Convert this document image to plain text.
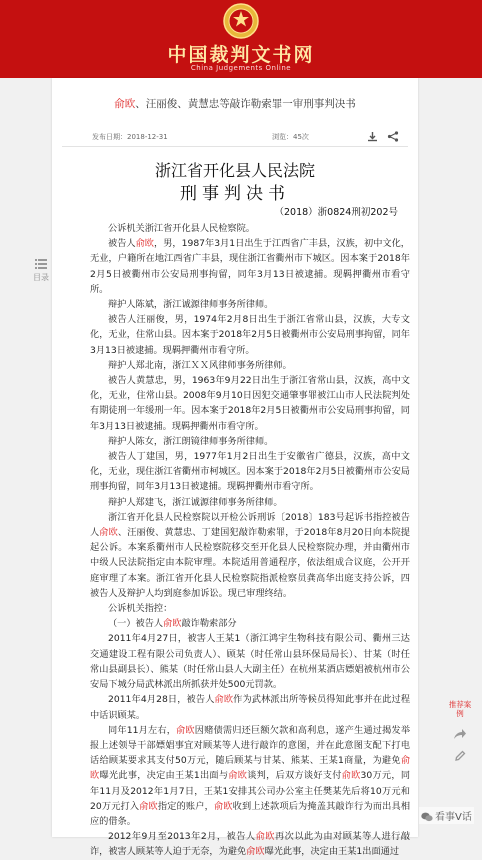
中国裁判文书网
China Judgements Online
目录
俞欧、汪丽俊、黄慧忠等敲诈勒索罪一审刑事判决书
发布日期：2018-12-31	浏览：45次
浙江省开化县人民法院
刑事判决书
（2018）浙0824刑初202号

公诉机关浙江省开化县人民检察院。

被告人俞欧，男，1987年3月1日出生于江西省广丰县，汉族，初中文化，无业，户籍所在地江西省广丰县，现住浙江省衢州市下城区。因本案于2018年2月5日被衢州市公安局刑事拘留，同年3月13日被逮捕。现羁押衢州市看守所。

辩护人陈斌，浙江诚源律师事务所律师。

被告人汪丽俊，男，1974年2月8日出生于浙江省常山县，汉族，大专文化，无业，住常山县。因本案于2018年2月5日被衢州市公安局刑事拘留，同年3月13日被逮捕。现羁押衢州市看守所。

辩护人郑北南，浙江ＸＸ风律师事务所律师。

被告人黄慧忠，男，1963年9月22日出生于浙江省常山县，汉族，高中文化，无业，住常山县。2008年9月10日因犯交通肇事罪被江山市人民法院判处有期徒刑一年缓刑一年。因本案于2018年2月5日被衢州市公安局刑事拘留，同年3月13日被逮捕。现羁押衢州市看守所。

辩护人陈女，浙江朗镜律师事务所律师。

被告人丁建国，男，1977年1月2日出生于安徽省广德县，汉族，高中文化，无业，现住浙江省衢州市柯城区。因本案于2018年2月5日被衢州市公安局刑事拘留，同年3月13日被逮捕。现羁押衢州市看守所。

辩护人郑建飞，浙江诚源律师事务所律师。

浙江省开化县人民检察院以开检公诉刑诉〔2018〕183号起诉书指控被告人俞欧、汪丽俊、黄慧忠、丁建国犯敲诈勒索罪，于2018年8月20日向本院提起公诉。本案系衢州市人民检察院移交至开化县人民检察院办理，并由衢州市中级人民法院指定由本院审理。本院适用普通程序，依法组成合议庭，公开开庭审理了本案。浙江省开化县人民检察院指派检察员龚高华出庭支持公诉，四被告人及辩护人均到庭参加诉讼。现已审理终结。

公诉机关指控：

（一）被告人俞欧敲诈勒索部分

2011年4月27日，被害人王某1（浙江鸿宇生物科技有限公司、衢州三达交通建设工程有限公司负责人）、顾某（时任常山县环保局局长）、甘某（时任常山县副县长）、熊某（时任常山县人大副主任）在杭州某酒店嫖娼被杭州市公安局下城分局武林派出所抓获并处500元罚款。

2011年4月28日，被告人俞欧作为武林派出所等候员得知此事并在此过程中话识顾某。

同年11月左右，俞欧因赌债需归还巨额欠款和高利息，遂产生通过揭发举报上述领导干部嫖娼事宜对顾某等人进行敲诈的意图，并在此意图支配下打电话给顾某要求其支付50万元，随后顾某与甘某、熊某、王某1商量，为避免俞欧曝光此事，决定由王某1出面与俞欧谈判，后双方谈好支付俞欧30万元，同年11月及2012年1月7日，王某1安排其公司办公室主任樊某先后将10万元和20万元打入俞欧指定的账户，俞欧收到上述款项后为掩盖其敲诈行为而出具相应的借条。

2012年9月至2013年2月，被告人俞欧再次以此为由对顾某等人进行敲诈，被害人顾某等人迫于无奈，为避免俞欧曝光此事，决定由王某1出面通过

推荐案例
看事V话
